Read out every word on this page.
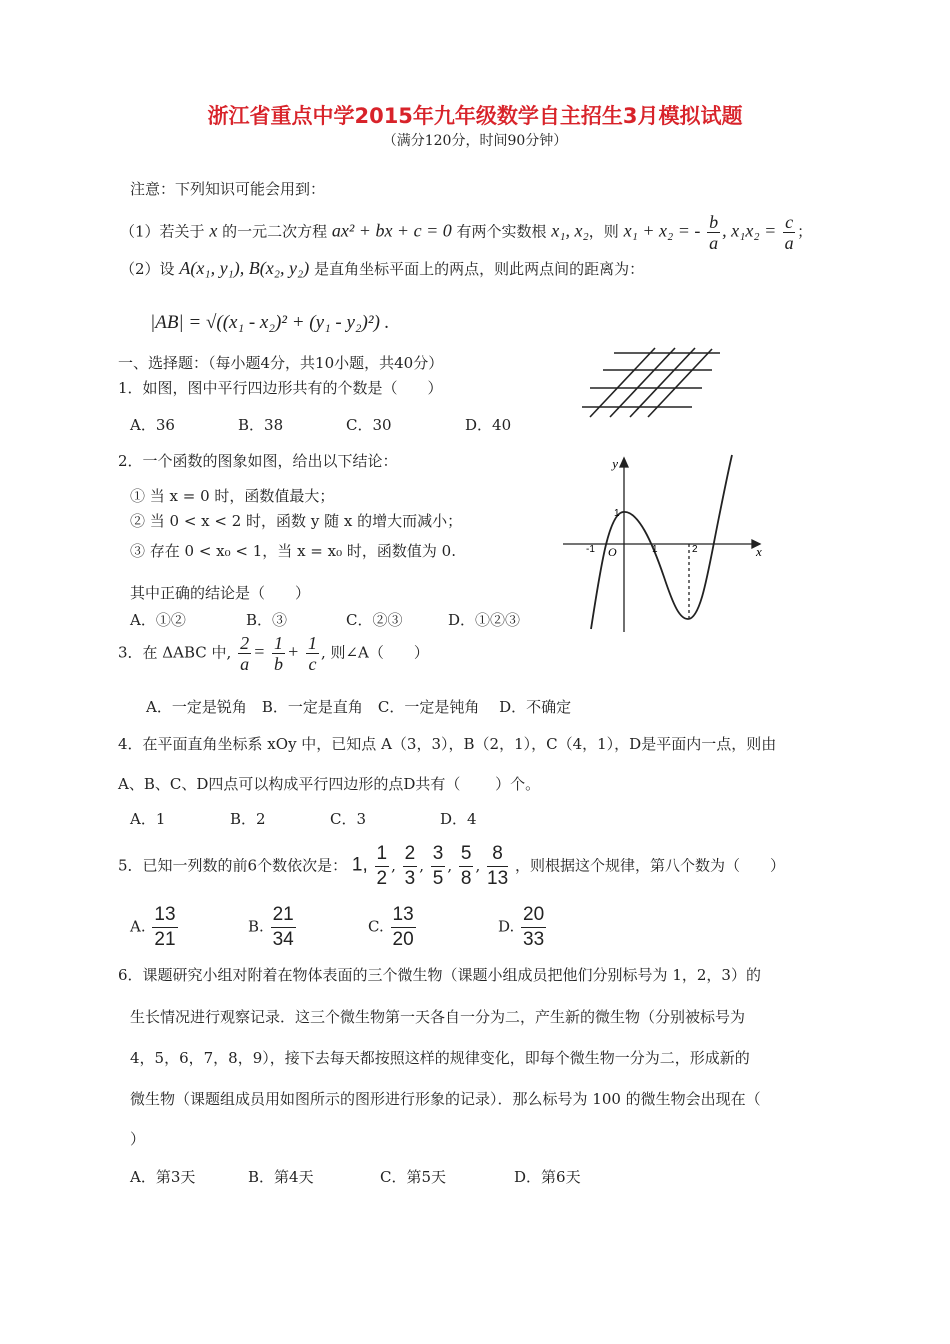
浙江省重点中学2015年九年级数学自主招生3月模拟试题
（满分120分，时间90分钟）
注意：下列知识可能会用到：
（1）若关于 x 的一元二次方程 ax² + bx + c = 0 有两个实数根 x₁, x₂，则 x₁ + x₂ = - $\frac{b}{a}$ , $x_1x_2 = \frac{c}{a}$ ；
（2）设 A(x₁, y₁), B(x₂, y₂) 是直角坐标平面上的两点，则此两点间的距离为：
|AB| = √((x₁ - x₂)² + (y₁ - y₂)²) .
一、选择题：（每小题4分，共10小题，共40分）
1．如图，图中平行四边形共有的个数是（　　）
A．36	B．38	C．30	D．40
2．一个函数的图象如图，给出以下结论：
① 当 x = 0 时，函数值最大；
② 当 0 < x < 2 时，函数 y 随 x 的增大而减小；
③ 存在 0 < x₀ < 1，当 x = x₀ 时，函数值为 0.
其中正确的结论是（　　）
A．①②	B．③	C．②③	D．①②③
y
x
O
-1	1	2
1
3．在 ΔABC 中, $\frac{2}{a} = \frac{1}{b} + \frac{1}{c}$ , 则∠A（　　）
A．一定是锐角　B．一定是直角　C．一定是钝角　 D．不确定
4．在平面直角坐标系 xOy 中，已知点 A（3，3），B（2，1），C（4，1），D是平面内一点，则由
A、B、C、D四点可以构成平行四边形的点D共有（　　 ）个。
A．1	B．2	C．3	D．4
5．已知一列数的前6个数依次是： 1, $\frac{1}{2}$ , $\frac{2}{3}$ , $\frac{3}{5}$ , $\frac{5}{8}$ , $\frac{8}{13}$ ，则根据这个规律，第八个数为（　　）
A. $\frac{13}{21}$	B. $\frac{21}{34}$	C. $\frac{13}{20}$	D. $\frac{20}{33}$
6．课题研究小组对附着在物体表面的三个微生物（课题小组成员把他们分别标号为 1，2，3）的
生长情况进行观察记录．这三个微生物第一天各自一分为二，产生新的微生物（分别被标号为
4，5，6，7，8，9），接下去每天都按照这样的规律变化，即每个微生物一分为二，形成新的
微生物（课题组成员用如图所示的图形进行形象的记录）．那么标号为 100 的微生物会出现在（
）
A．第3天	B．第4天	C．第5天	D．第6天
